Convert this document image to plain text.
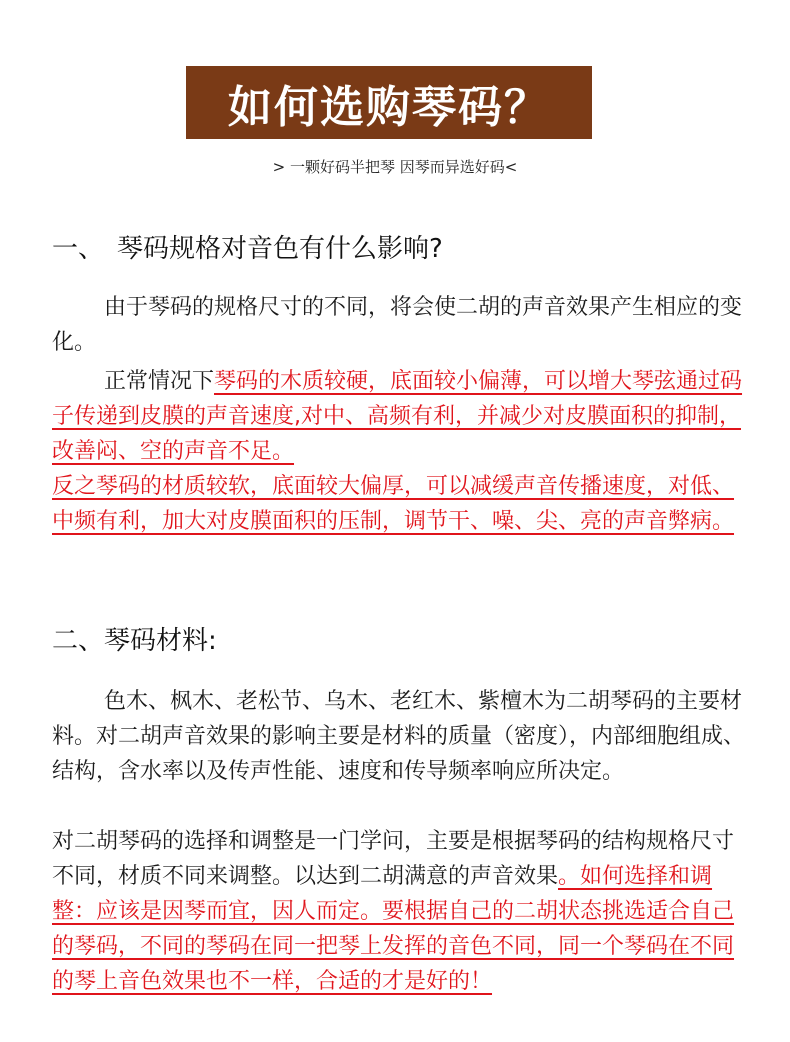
如何选购琴码？
> 一颗好码半把琴 因琴而异选好码<
一、　琴码规格对音色有什么影响?
由于琴码的规格尺寸的不同，将会使二胡的声音效果产生相应的变化。
正常情况下琴码的木质较硬，底面较小偏薄，可以增大琴弦通过码子传递到皮膜的声音速度,对中、高频有利，并减少对皮膜面积的抑制，改善闷、空的声音不足。
反之琴码的材质较软，底面较大偏厚，可以减缓声音传播速度，对低、中频有利，加大对皮膜面积的压制，调节干、噪、尖、亮的声音弊病。
二、琴码材料:
色木、枫木、老松节、乌木、老红木、紫檀木为二胡琴码的主要材料。对二胡声音效果的影响主要是材料的质量（密度），内部细胞组成、结构，含水率以及传声性能、速度和传导频率响应所决定。
对二胡琴码的选择和调整是一门学问，主要是根据琴码的结构规格尺寸不同，材质不同来调整。以达到二胡满意的声音效果。如何选择和调整：应该是因琴而宜，因人而定。要根据自己的二胡状态挑选适合自己的琴码，不同的琴码在同一把琴上发挥的音色不同，同一个琴码在不同的琴上音色效果也不一样，合适的才是好的！
